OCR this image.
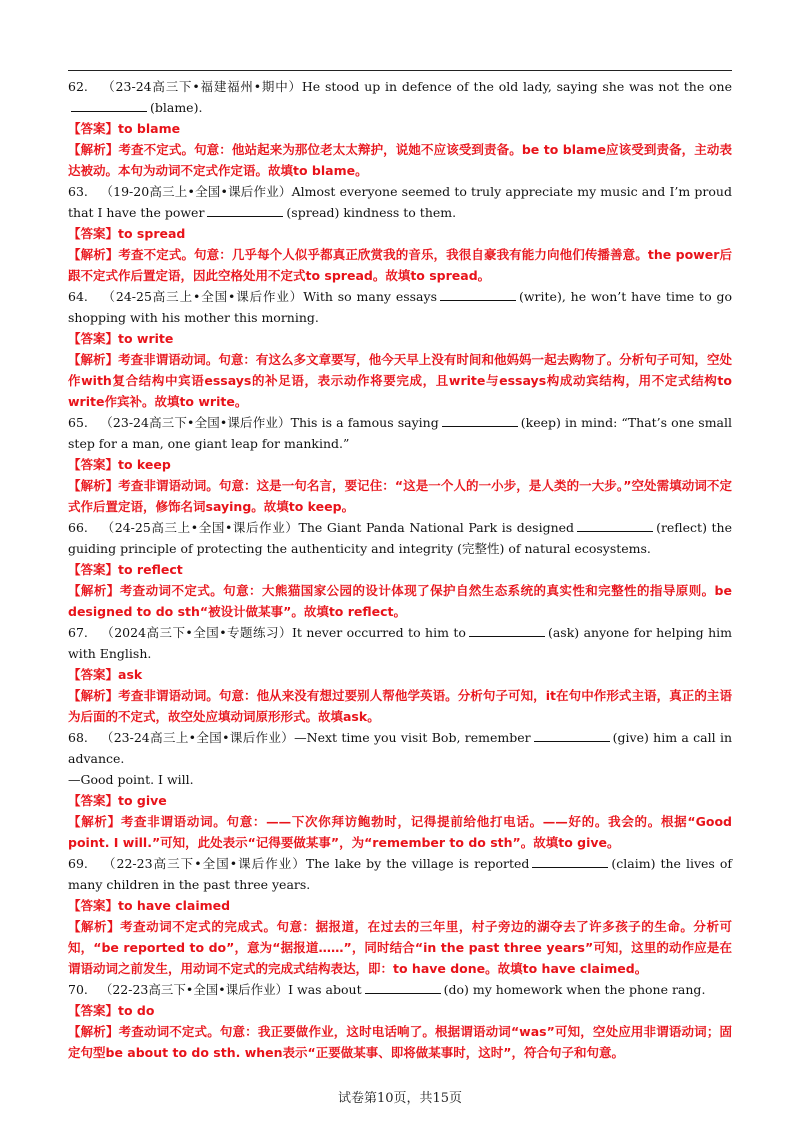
62. （23-24高三下•福建福州•期中）He stood up in defence of the old lady, saying she was not the one(blame).
【答案】to blame
【解析】考查不定式。句意：他站起来为那位老太太辩护，说她不应该受到责备。be to blame应该受到责备，主动表达被动。本句为动词不定式作定语。故填to blame。
63. （19-20高三上•全国•课后作业）Almost everyone seemed to truly appreciate my music and I’m proud that I have the power	(spread) kindness to them.
【答案】to spread
【解析】考查不定式。句意：几乎每个人似乎都真正欣赏我的音乐，我很自豪我有能力向他们传播善意。the power后跟不定式作后置定语，因此空格处用不定式to spread。故填to spread。
64. （24-25高三上•全国•课后作业）With so many essays	(write), he won’t have time to go shopping with his mother this morning.
【答案】to write
【解析】考查非谓语动词。句意：有这么多文章要写，他今天早上没有时间和他妈妈一起去购物了。分析句子可知，空处作with复合结构中宾语essays的补足语，表示动作将要完成，且write与essays构成动宾结构，用不定式结构to write作宾补。故填to write。
65. （23-24高三下•全国•课后作业）This is a famous saying	(keep) in mind: “That’s one small step for a man, one giant leap for mankind.”
【答案】to keep
【解析】考查非谓语动词。句意：这是一句名言，要记住：“这是一个人的一小步，是人类的一大步。”空处需填动词不定式作后置定语，修饰名词saying。故填to keep。
66. （24-25高三上•全国•课后作业）The Giant Panda National Park is designed	(reflect) the guiding principle of protecting the authenticity and integrity (完整性) of natural ecosystems.
【答案】to reflect
【解析】考查动词不定式。句意：大熊猫国家公园的设计体现了保护自然生态系统的真实性和完整性的指导原则。be designed to do sth“被设计做某事”。故填to reflect。
67. （2024高三下•全国•专题练习）It never occurred to him to	(ask) anyone for helping him with English.
【答案】ask
【解析】考查非谓语动词。句意：他从来没有想过要别人帮他学英语。分析句子可知，it在句中作形式主语，真正的主语为后面的不定式，故空处应填动词原形形式。故填ask。
68. （23-24高三上•全国•课后作业）—Next time you visit Bob, remember	(give) him a call in advance.
—Good point. I will.
【答案】to give
【解析】考查非谓语动词。句意：——下次你拜访鲍勃时，记得提前给他打电话。——好的。我会的。根据“Good point. I will.”可知，此处表示“记得要做某事”，为“remember to do sth”。故填to give。
69. （22-23高三下•全国•课后作业）The lake by the village is reported	(claim) the lives of many children in the past three years.
【答案】to have claimed
【解析】考查动词不定式的完成式。句意：据报道，在过去的三年里，村子旁边的湖夺去了许多孩子的生命。分析可知，“be reported to do”，意为“据报道……”，同时结合“in the past three years”可知，这里的动作应是在谓语动词之前发生，用动词不定式的完成式结构表达，即：to have done。故填to have claimed。
70. （22-23高三下•全国•课后作业）I was about	(do) my homework when the phone rang.
【答案】to do
【解析】考查动词不定式。句意：我正要做作业，这时电话响了。根据谓语动词“was”可知，空处应用非谓语动词；固定句型be about to do sth. when表示“正要做某事、即将做某事时，这时”，符合句子和句意。
试卷第10页，共15页
